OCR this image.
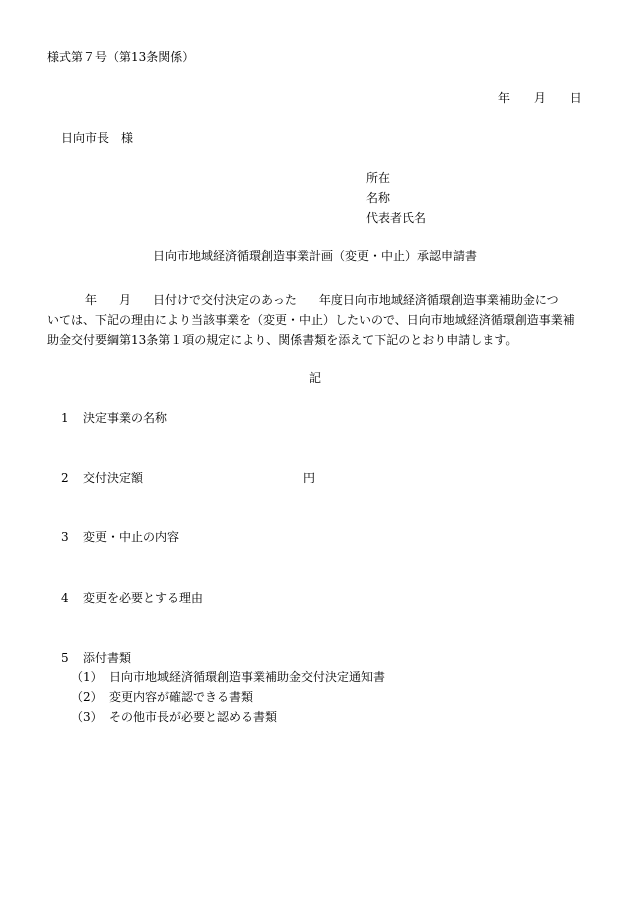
様式第７号（第13条関係）
年 月 日
日向市長　様
所在
名称
代表者氏名
日向市地域経済循環創造事業計画（変更・中止）承認申請書
年 月 日付けで交付決定のあった 年度日向市地域経済循環創造事業補助金につ
いては、下記の理由により当該事業を（変更・中止）したいので、日向市地域経済循環創造事業補
助金交付要綱第13条第１項の規定により、関係書類を添えて下記のとおり申請します。
記
1 決定事業の名称
2 交付決定額	円
3 変更・中止の内容
4 変更を必要とする理由
5 添付書類
（1） 日向市地域経済循環創造事業補助金交付決定通知書
（2） 変更内容が確認できる書類
（3） その他市長が必要と認める書類
